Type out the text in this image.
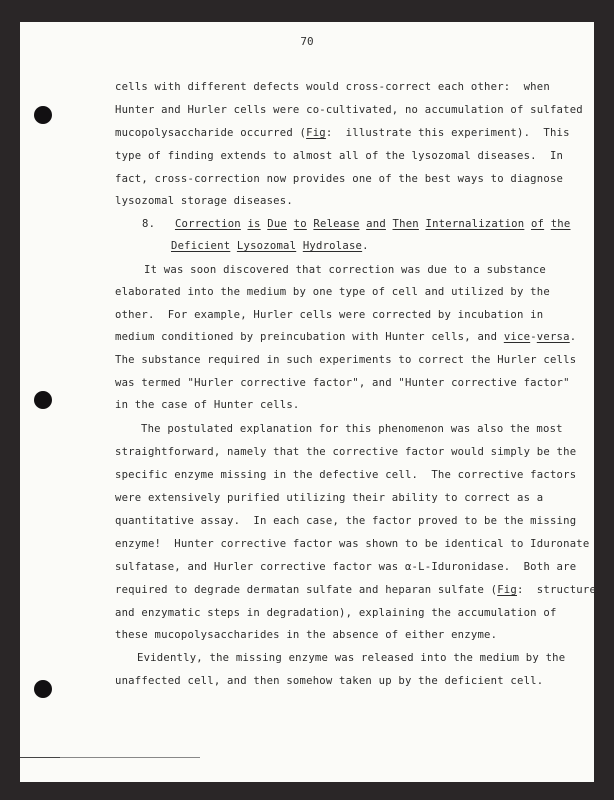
70
cells with different defects would cross-correct each other:  when
Hunter and Hurler cells were co-cultivated, no accumulation of sulfated
mucopolysaccharide occurred (Fig:  illustrate this experiment).  This
type of finding extends to almost all of the lysozomal diseases.  In
fact, cross-correction now provides one of the best ways to diagnose
lysozomal storage diseases.
8. Correction is Due to Release and Then Internalization of the
Deficient Lysozomal Hydrolase.
It was soon discovered that correction was due to a substance
elaborated into the medium by one type of cell and utilized by the
other.  For example, Hurler cells were corrected by incubation in
medium conditioned by preincubation with Hunter cells, and vice-versa.
The substance required in such experiments to correct the Hurler cells
was termed "Hurler corrective factor", and "Hunter corrective factor"
in the case of Hunter cells.
The postulated explanation for this phenomenon was also the most
straightforward, namely that the corrective factor would simply be the
specific enzyme missing in the defective cell.  The corrective factors
were extensively purified utilizing their ability to correct as a
quantitative assay.  In each case, the factor proved to be the missing
enzyme!  Hunter corrective factor was shown to be identical to Iduronate
sulfatase, and Hurler corrective factor was α-L-Iduronidase.  Both are
required to degrade dermatan sulfate and heparan sulfate (Fig:  structure
and enzymatic steps in degradation), explaining the accumulation of
these mucopolysaccharides in the absence of either enzyme.
Evidently, the missing enzyme was released into the medium by the
unaffected cell, and then somehow taken up by the deficient cell.
